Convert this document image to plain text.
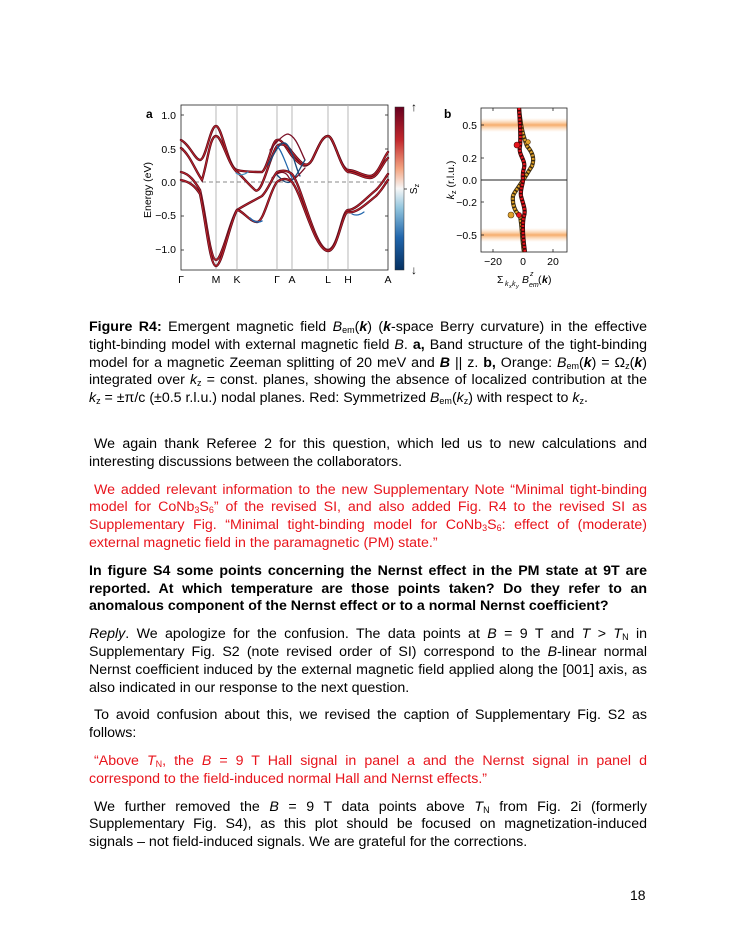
a
Energy (eV)
1.0
0.5
0.0
−0.5
−1.0
Γ	M K	Γ A	L H	A
↑
↓
$S_z$
b
0.5
0.2
0.0
−0.2
−0.5
kz (r.l.u.)
−20 0 20
Σ k x k y
B z
em ( k )

Figure R4: Emergent magnetic field $B_{em}(k)$ (k-space Berry curvature) in the effective tight-binding model with external magnetic field B. a, Band structure of the tight-binding model for a magnetic Zeeman splitting of 20 meV and B || z. b, Orange: $B_{em}(k) = \Omega_z(k)$ integrated over $k_z$ = const. planes, showing the absence of localized contribution at the $k_z = \pm\pi/c$ (±0.5 r.l.u.) nodal planes. Red: Symmetrized $B_{em}(k_z)$ with respect to $k_z$.

We again thank Referee 2 for this question, which led us to new calculations and interesting discussions between the collaborators.

We added relevant information to the new Supplementary Note “Minimal tight-binding model for $CoNb_3S_6$” of the revised SI, and also added Fig. R4 to the revised SI as Supplementary Fig. “Minimal tight-binding model for $CoNb_3S_6$: effect of (moderate) external magnetic field in the paramagnetic (PM) state.”

In figure S4 some points concerning the Nernst effect in the PM state at 9T are reported. At which temperature are those points taken? Do they refer to an anomalous component of the Nernst effect or to a normal Nernst coefficient?

Reply. We apologize for the confusion. The data points at B = 9 T and $T > T_N$ in Supplementary Fig. S2 (note revised order of SI) correspond to the B-linear normal Nernst coefficient induced by the external magnetic field applied along the [001] axis, as also indicated in our response to the next question.

To avoid confusion about this, we revised the caption of Supplementary Fig. S2 as follows:

“Above $T_N$, the B = 9 T Hall signal in panel a and the Nernst signal in panel d correspond to the field-induced normal Hall and Nernst effects.”

We further removed the B = 9 T data points above $T_N$ from Fig. 2i (formerly Supplementary Fig. S4), as this plot should be focused on magnetization-induced signals – not field-induced signals. We are grateful for the corrections.

18
